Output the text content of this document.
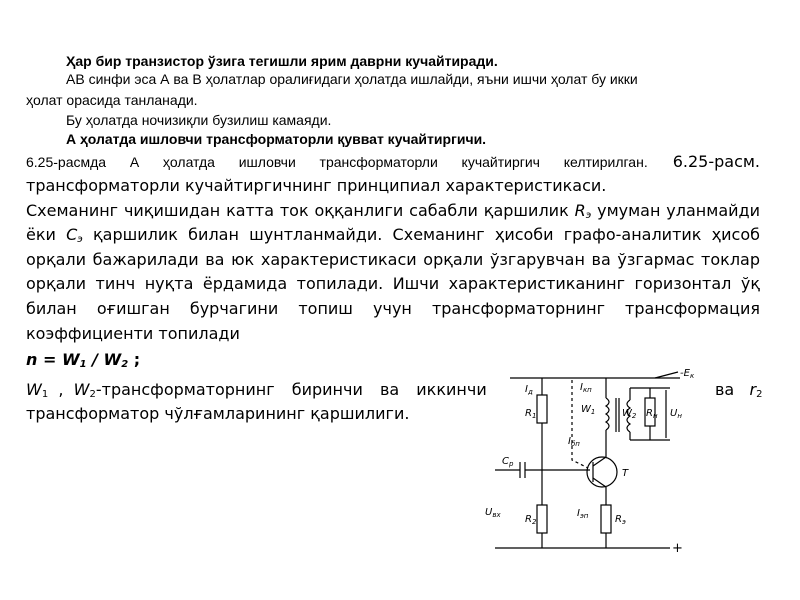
Ҳар бир транзистор ўзига тегишли ярим даврни кучайтиради.

АВ синфи эса А ва В ҳолатлар оралиғидаги ҳолатда ишлайди, яъни ишчи ҳолат бу икки

ҳолат орасида танланади.

Бу ҳолатда ночизиқли бузилиш камаяди.

А ҳолатда ишловчи трансформаторли қувват кучайтиргичи.

6.25-расмда А ҳолатда ишловчи трансформаторли кучайтиргич келтирилган. 6.25-расм.
трансформаторли кучайтиргичнинг принципиал характеристикаси.
Схеманинг чиқишидан катта ток оққанлиги сабабли қаршилик $R_э$ умуман уланмайди
ёки $C_э$ қаршилик билан шунтланмайди. Схеманинг ҳисоби графо-аналитик ҳисоб
орқали бажарилади ва юк характеристикаси орқали ўзгарувчан ва ўзгармас токлар
орқали тинч нуқта ёрдамида топилади. Ишчи характеристиканинг горизонтал ўқ
билан оғишган бурчагини топиш учун трансформаторнинг трансформация
коэффициенти топилади
$n = W_1 / W_2$ ;
$W_1$ , $W_2$-трансформаторнинг биринчи ва иккинчи	ва $r_2$
трансформатор чўлғамларининг қаршилиги.
$-E_к$
$I_д$	$I_{кп}$
$W_1$	$W_2$ $R_н$ $U_н$
$R_1$
$I_{бп}$
$C_р$
T
$U_{вх}$ $R_2$
$I_{эп}$	$R_э$
+
